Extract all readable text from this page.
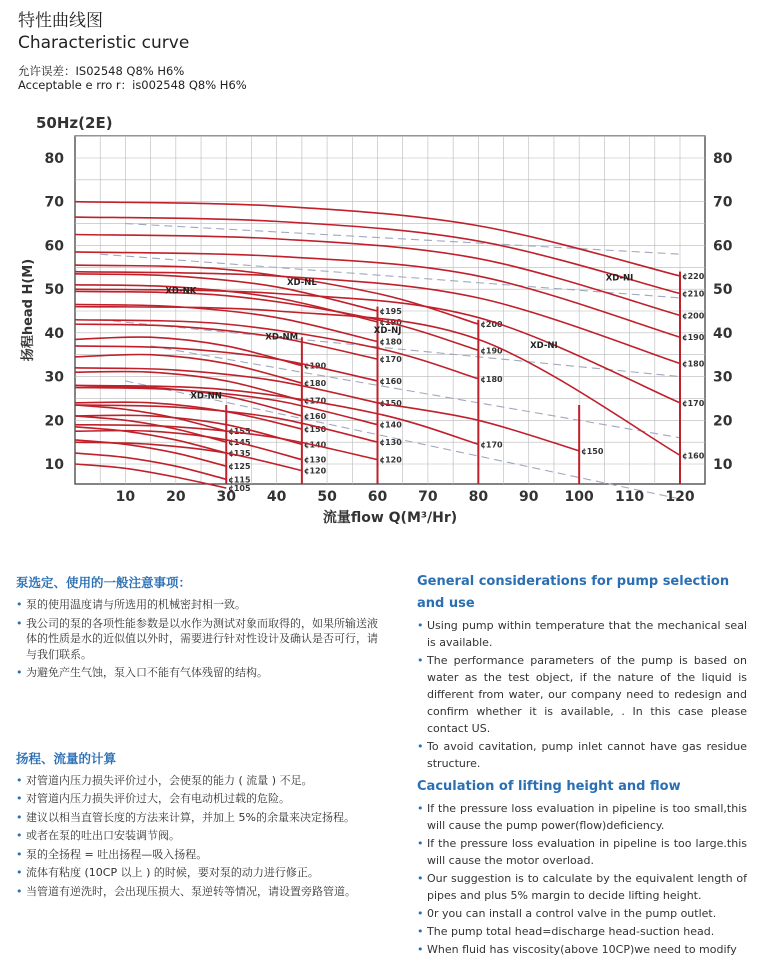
特性曲线图
Characteristic curve
允许误差：IS02548 Q8% H6%
Acceptable e rro r：is002548 Q8% H6%
50Hz(2E)
10	10
20	20
30	30
40	40
50	50
60	60
70	70
80	80
10 20 30 40 50 60 70 80 90 100 110 120
流量flow Q(M³/Hr)
扬程head H(M)
¢155
¢145
¢135
¢125
¢115
¢105
¢190
¢180
¢170
¢160
¢150
¢140
¢130
¢120
¢195
¢190
¢180
¢170
¢160
¢150
¢140
¢130
¢120
¢200
¢190
¢180
¢170
¢150
¢220
¢210
¢200
¢190
¢180
¢170
¢160
XD-NN
XD-NM
XD-NK
XD-NL
XD-NJ
XD-NI
XD-NI
泵选定、使用的一般注意事项：
• 泵的使用温度请与所选用的机械密封相一致。
• 我公司的泵的各项性能参数是以水作为测试对象而取得的，如果所输送液体的性质是水的近似值以外时，需要进行针对性设计及确认是否可行，请与我们联系。
• 为避免产生气蚀，泵入口不能有气体残留的结构。
扬程、流量的计算
• 对管道内压力损失评价过小，会使泵的能力 ( 流量 ) 不足。
• 对管道内压力损失评价过大，会有电动机过载的危险。
• 建议以相当直管长度的方法来计算，并加上 5%的余量来决定扬程。
• 或者在泵的吐出口安装调节阀。
• 泵的全扬程 = 吐出扬程—吸入扬程。
• 流体有粘度 (10CP 以上 ) 的时候，要对泵的动力进行修正。
• 当管道有逆洗时，会出现压损大、泵逆转等情况，请设置旁路管道。
General considerations for pump selection and use
• Using pump within temperature that the mechanical seal is available.
• The performance parameters of the pump is based on water as the test object, if the nature of the liquid is different from water, our company need to redesign and confirm whether it is available, . In this case please contact US.
• To avoid cavitation, pump inlet cannot have gas residue structure.
Caculation of lifting height and flow
• If the pressure loss evaluation in pipeline is too small,this will cause the pump power(flow)deficiency.
• If the pressure loss evaluation in pipeline is too large.this will cause the motor overload.
• Our suggestion is to calculate by the equivalent length of pipes and plus 5% margin to decide lifting height.
• 0r you can install a control valve in the pump outlet.
• The pump total head=discharge head-suction head.
• When fluid has viscosity(above 10CP)we need to modify
